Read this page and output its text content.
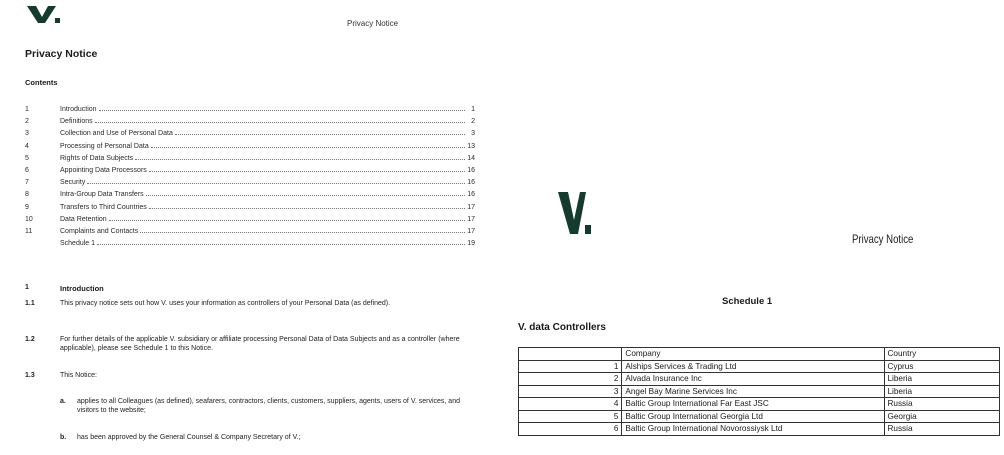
Privacy Notice
Privacy Notice
Contents
1	Introduction	1
2	Definitions	2
3	Collection and Use of Personal Data	3
4	Processing of Personal Data	13
5	Rights of Data Subjects	14
6	Appointing Data Processors	16
7	Security	16
8	Intra-Group Data Transfers	16
9	Transfers to Third Countries	17
10	Data Retention	17
11	Complaints and Contacts	17
Schedule 1	19
1	Introduction
1.1	This privacy notice sets out how V. uses your information as controllers of your Personal Data (as defined).
1.2	For further details of the applicable V. subsidiary or affiliate processing Personal Data of Data Subjects and as a controller (where applicable), please see Schedule 1 to this Notice.
1.3	This Notice:
a. applies to all Colleagues (as defined), seafarers, contractors, clients, customers, suppliers, agents, users of V. services, and visitors to the website;
b. has been approved by the General Counsel & Company Secretary of V.;
Privacy Notice
Schedule 1
V. data Controllers
	Company	Country
1	Alships Services & Trading Ltd	Cyprus
2	Alvada Insurance Inc	Liberia
3	Angel Bay Marine Services Inc	Liberia
4	Baltic Group International Far East JSC	Russia
5	Baltic Group International Georgia Ltd	Georgia
6	Baltic Group International Novorossiysk Ltd	Russia
